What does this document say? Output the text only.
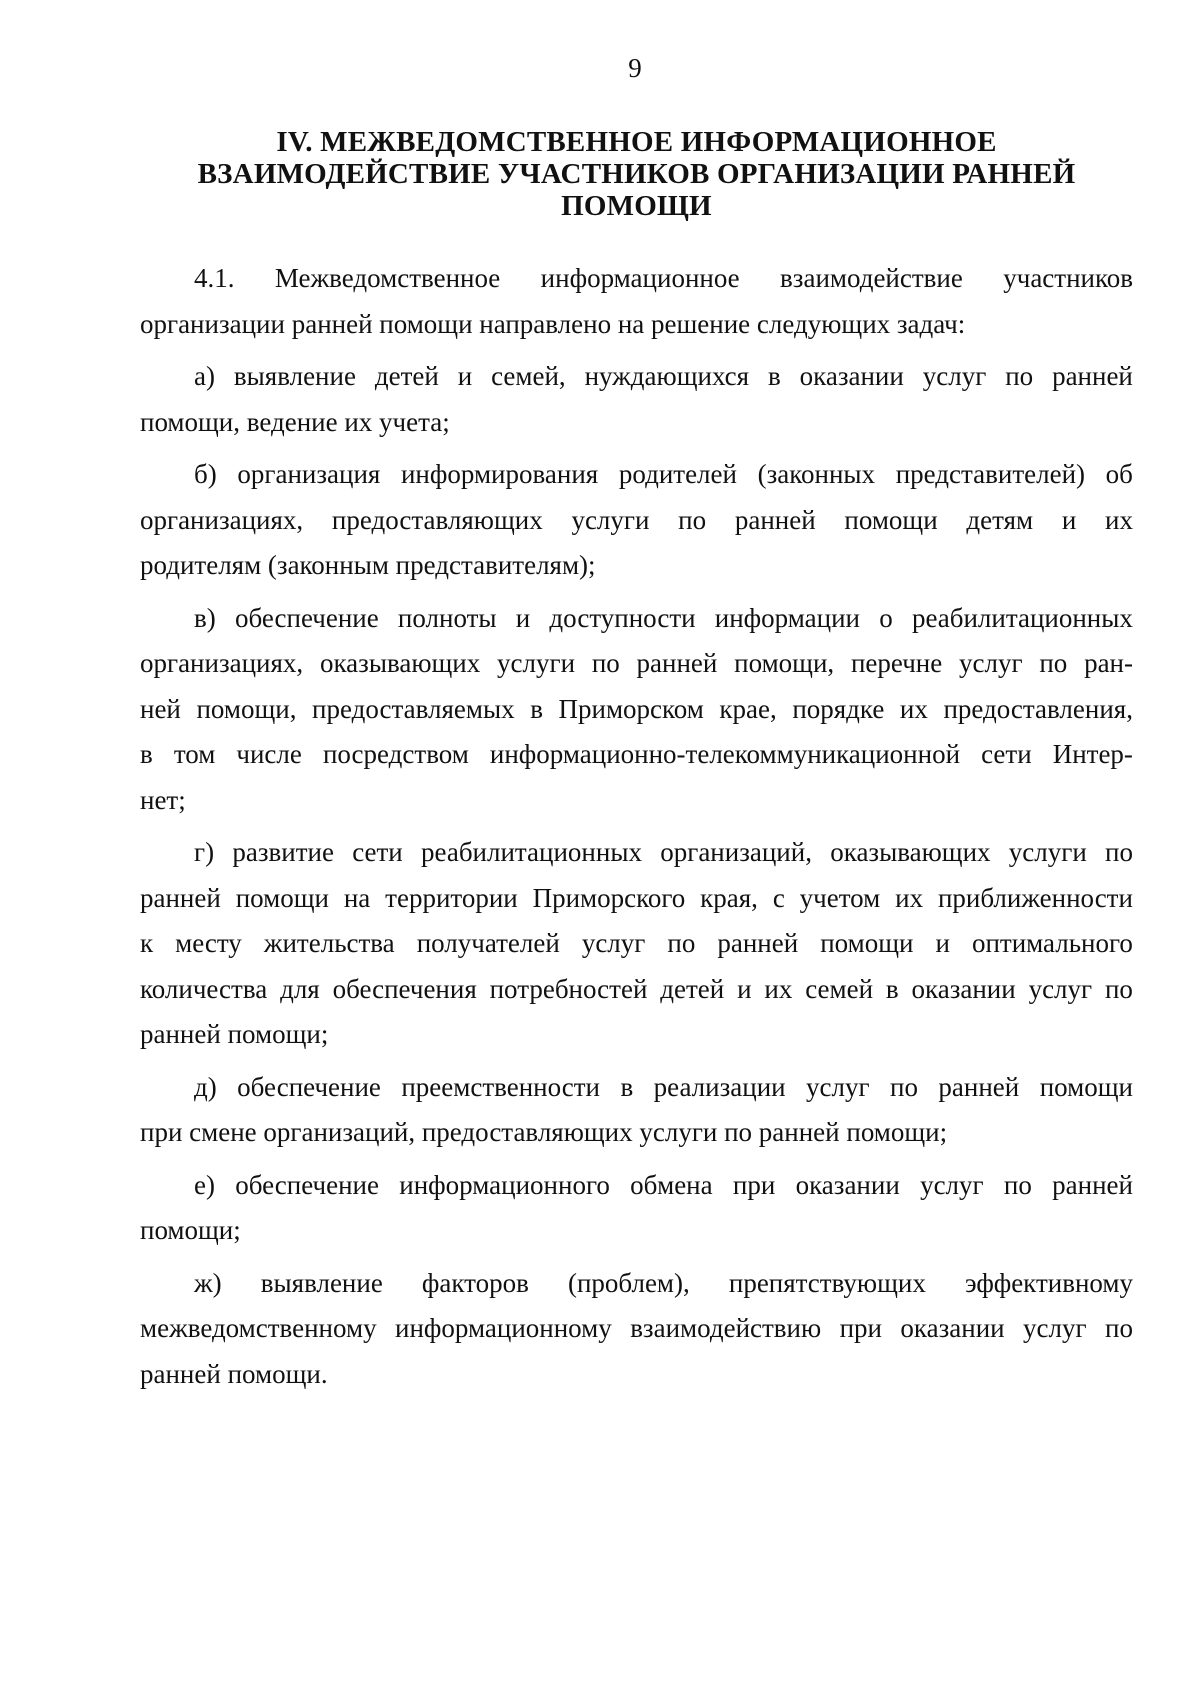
9
IV. МЕЖВЕДОМСТВЕННОЕ ИНФОРМАЦИОННОЕ
ВЗАИМОДЕЙСТВИЕ УЧАСТНИКОВ ОРГАНИЗАЦИИ РАННЕЙ
ПОМОЩИ
4.1. Межведомственное информационное взаимодействие участников
организации ранней помощи направлено на решение следующих задач:
а) выявление детей и семей, нуждающихся в оказании услуг по ранней
помощи, ведение их учета;
б) организация информирования родителей (законных представителей) об
организациях, предоставляющих услуги по ранней помощи детям и их
родителям (законным представителям);
в) обеспечение полноты и доступности информации о реабилитационных
организациях, оказывающих услуги по ранней помощи, перечне услуг по ран-
ней помощи, предоставляемых в Приморском крае, порядке их предоставления,
в том числе посредством информационно-телекоммуникационной сети Интер-
нет;
г) развитие сети реабилитационных организаций, оказывающих услуги по
ранней помощи на территории Приморского края, с учетом их приближенности
к месту жительства получателей услуг по ранней помощи и оптимального
количества для обеспечения потребностей детей и их семей в оказании услуг по
ранней помощи;
д) обеспечение преемственности в реализации услуг по ранней помощи
при смене организаций, предоставляющих услуги по ранней помощи;
е) обеспечение информационного обмена при оказании услуг по ранней
помощи;
ж) выявление факторов (проблем), препятствующих эффективному
межведомственному информационному взаимодействию при оказании услуг по
ранней помощи.
